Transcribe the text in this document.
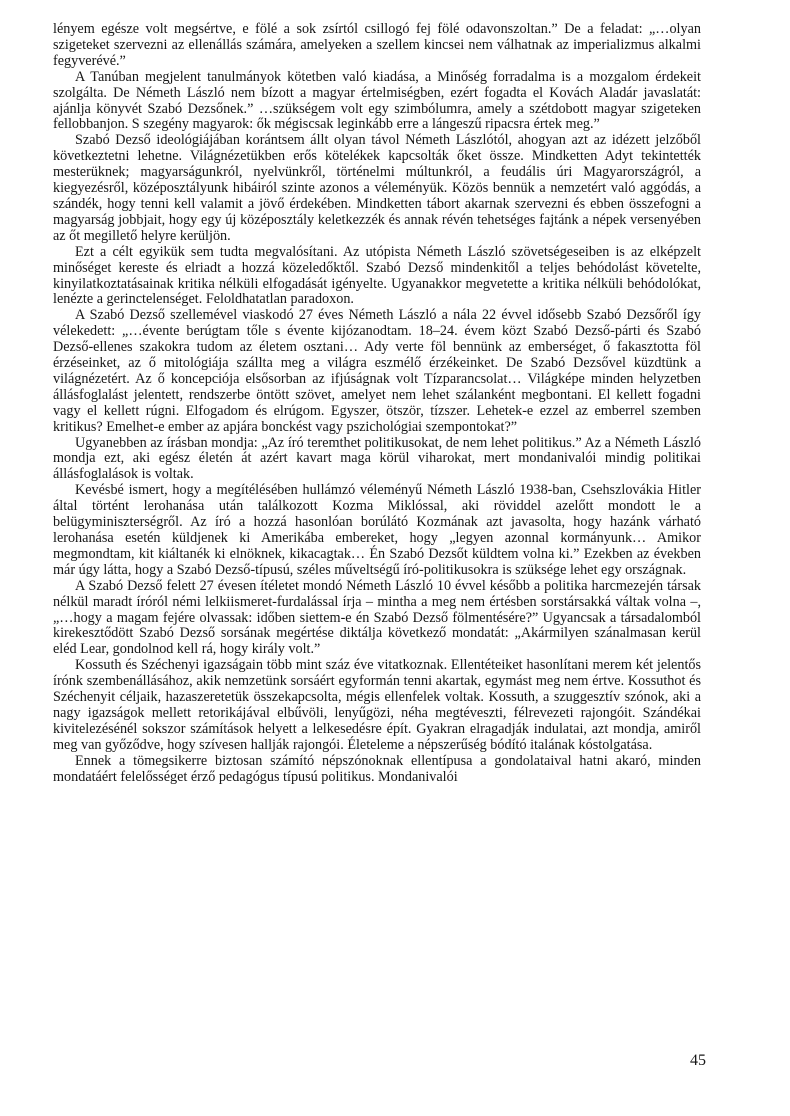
lényem egésze volt megsértve, e fölé a sok zsírtól csillogó fej fölé odavonszoltan.” De a feladat: „…olyan szigeteket szervezni az ellenállás számára, amelyeken a szellem kincsei nem válhatnak az imperializmus alkalmi fegyverévé.”

A Tanúban megjelent tanulmányok kötetben való kiadása, a Minőség forradalma is a mozgalom érdekeit szolgálta. De Németh László nem bízott a magyar értelmiségben, ezért fogadta el Kovách Aladár javaslatát: ajánlja könyvét Szabó Dezsőnek.” …szükségem volt egy szimbólumra, amely a szétdobott magyar szigeteken fellobbanjon. S szegény magyarok: ők mégiscsak leginkább erre a lángeszű ripacsra értek meg.”

Szabó Dezső ideológiájában korántsem állt olyan távol Németh Lászlótól, ahogyan azt az idézett jelzőből következtetni lehetne. Világnézetükben erős kötelékek kapcsolták őket össze. Mindketten Adyt tekintették mesterüknek; magyarságunkról, nyelvünkről, történelmi múltunkról, a feudális úri Magyarországról, a kiegyezésről, középosztályunk hibáiról szinte azonos a véleményük. Közös bennük a nemzetért való aggódás, a szándék, hogy tenni kell valamit a jövő érdekében. Mindketten tábort akarnak szervezni és ebben összefogni a magyarság jobbjait, hogy egy új középosztály keletkezzék és annak révén tehetséges fajtánk a népek versenyében az őt megillető helyre kerüljön.

Ezt a célt egyikük sem tudta megvalósítani. Az utópista Németh László szövetségeseiben is az elképzelt minőséget kereste és elriadt a hozzá közeledőktől. Szabó Dezső mindenkitől a teljes behódolást követelte, kinyilatkoztatásainak kritika nélküli elfogadását igényelte. Ugyanakkor megvetette a kritika nélküli behódolókat, lenézte a gerinctelenséget. Feloldhatatlan paradoxon.

A Szabó Dezső szellemével viaskodó 27 éves Németh László a nála 22 évvel idősebb Szabó Dezsőről így vélekedett: „…évente berúgtam tőle s évente kijózanodtam. 18–24. évem közt Szabó Dezső-párti és Szabó Dezső-ellenes szakokra tudom az életem osztani… Ady verte föl bennünk az emberséget, ő fakasztotta föl érzéseinket, az ő mitológiája szállta meg a világra eszmélő érzékeinket. De Szabó Dezsővel küzdtünk a világnézetért. Az ő koncepciója elsősorban az ifjúságnak volt Tízparancsolat… Világképe minden helyzetben állásfoglalást jelentett, rendszerbe öntött szövet, amelyet nem lehet szálanként megbontani. El kellett fogadni vagy el kellett rúgni. Elfogadom és elrúgom. Egyszer, ötször, tízszer. Lehetek-e ezzel az emberrel szemben kritikus? Emelhet-e ember az apjára bonckést vagy pszichológiai szempontokat?”

Ugyanebben az írásban mondja: „Az író teremthet politikusokat, de nem lehet politikus.” Az a Németh László mondja ezt, aki egész életén át azért kavart maga körül viharokat, mert mondanivalói mindig politikai állásfoglalások is voltak.

Kevésbé ismert, hogy a megítélésében hullámzó véleményű Németh László 1938-ban, Csehszlovákia Hitler által történt lerohanása után találkozott Kozma Miklóssal, aki röviddel azelőtt mondott le a belügyminiszterségről. Az író a hozzá hasonlóan borúlátó Kozmának azt javasolta, hogy hazánk várható lerohanása esetén küldjenek ki Amerikába embereket, hogy „legyen azonnal kormányunk… Amikor megmondtam, kit kiáltanék ki elnöknek, kikacagtak… Én Szabó Dezsőt küldtem volna ki.” Ezekben az években már úgy látta, hogy a Szabó Dezső-típusú, széles műveltségű író-politikusokra is szüksége lehet egy országnak.

A Szabó Dezső felett 27 évesen ítéletet mondó Németh László 10 évvel később a politika harcmezején társak nélkül maradt íróról némi lelkiismeret-furdalással írja – mintha a meg nem értésben sorstársakká váltak volna –, „…hogy a magam fejére olvassak: időben siettem-e én Szabó Dezső fölmentésére?” Ugyancsak a társadalomból kirekesztődött Szabó Dezső sorsának megértése diktálja következő mondatát: „Akármilyen szánalmasan kerül eléd Lear, gondolnod kell rá, hogy király volt.”

Kossuth és Széchenyi igazságain több mint száz éve vitatkoznak. Ellentéteiket hasonlítani merem két jelentős írónk szembenállásához, akik nemzetünk sorsáért egyformán tenni akartak, egymást meg nem értve. Kossuthot és Széchenyit céljaik, hazaszeretetük összekapcsolta, mégis ellenfelek voltak. Kossuth, a szuggesztív szónok, aki a nagy igazságok mellett retorikájával elbűvöli, lenyűgözi, néha megtéveszti, félrevezeti rajongóit. Szándékai kivitelezésénél sokszor számítások helyett a lelkesedésre épít. Gyakran elragadják indulatai, azt mondja, amiről meg van győződve, hogy szívesen hallják rajongói. Életeleme a népszerűség bódító italának kóstolgatása.

Ennek a tömegsikerre biztosan számító népszónoknak ellentípusa a gondolataival hatni akaró, minden mondatáért felelősséget érző pedagógus típusú politikus. Mondanivalói

45
